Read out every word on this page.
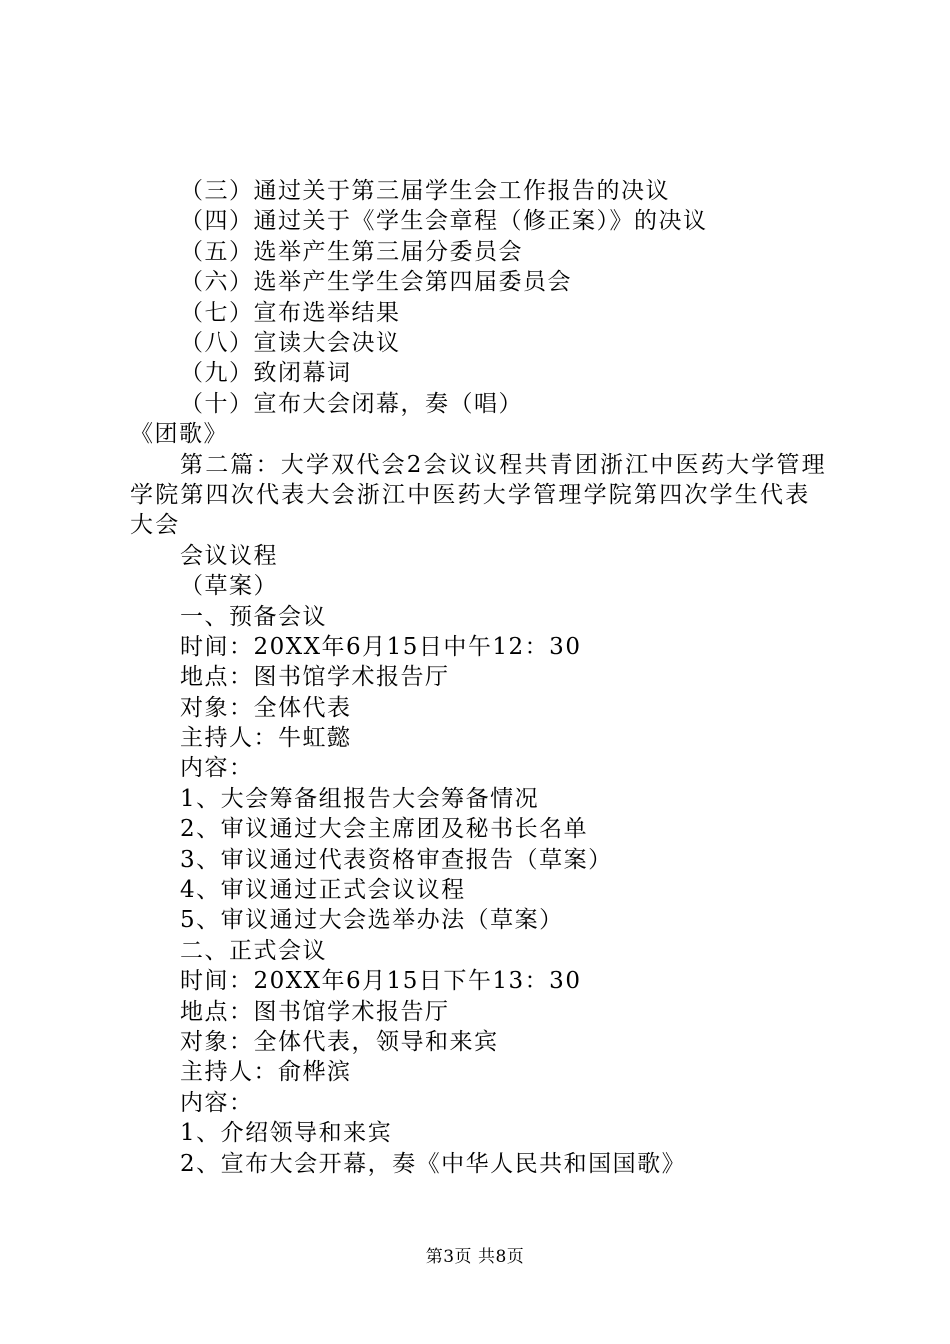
（三）通过关于第三届学生会工作报告的决议
（四）通过关于《学生会章程（修正案）》的决议
（五）选举产生第三届分委员会
（六）选举产生学生会第四届委员会
（七）宣布选举结果
（八）宣读大会决议
（九）致闭幕词
（十）宣布大会闭幕，奏（唱）
《团歌》
第二篇：大学双代会2会议议程共青团浙江中医药大学管理学院第四次代表大会浙江中医药大学管理学院第四次学生代表大会
会议议程
（草案）
一、预备会议
时间：20XX年6月15日中午12：30
地点：图书馆学术报告厅
对象：全体代表
主持人：牛虹懿
内容：
1、大会筹备组报告大会筹备情况
2、审议通过大会主席团及秘书长名单
3、审议通过代表资格审查报告（草案）
4、审议通过正式会议议程
5、审议通过大会选举办法（草案）
二、正式会议
时间：20XX年6月15日下午13：30
地点：图书馆学术报告厅
对象：全体代表，领导和来宾
主持人：俞桦滨
内容：
1、介绍领导和来宾
2、宣布大会开幕，奏《中华人民共和国国歌》
第3页 共8页
